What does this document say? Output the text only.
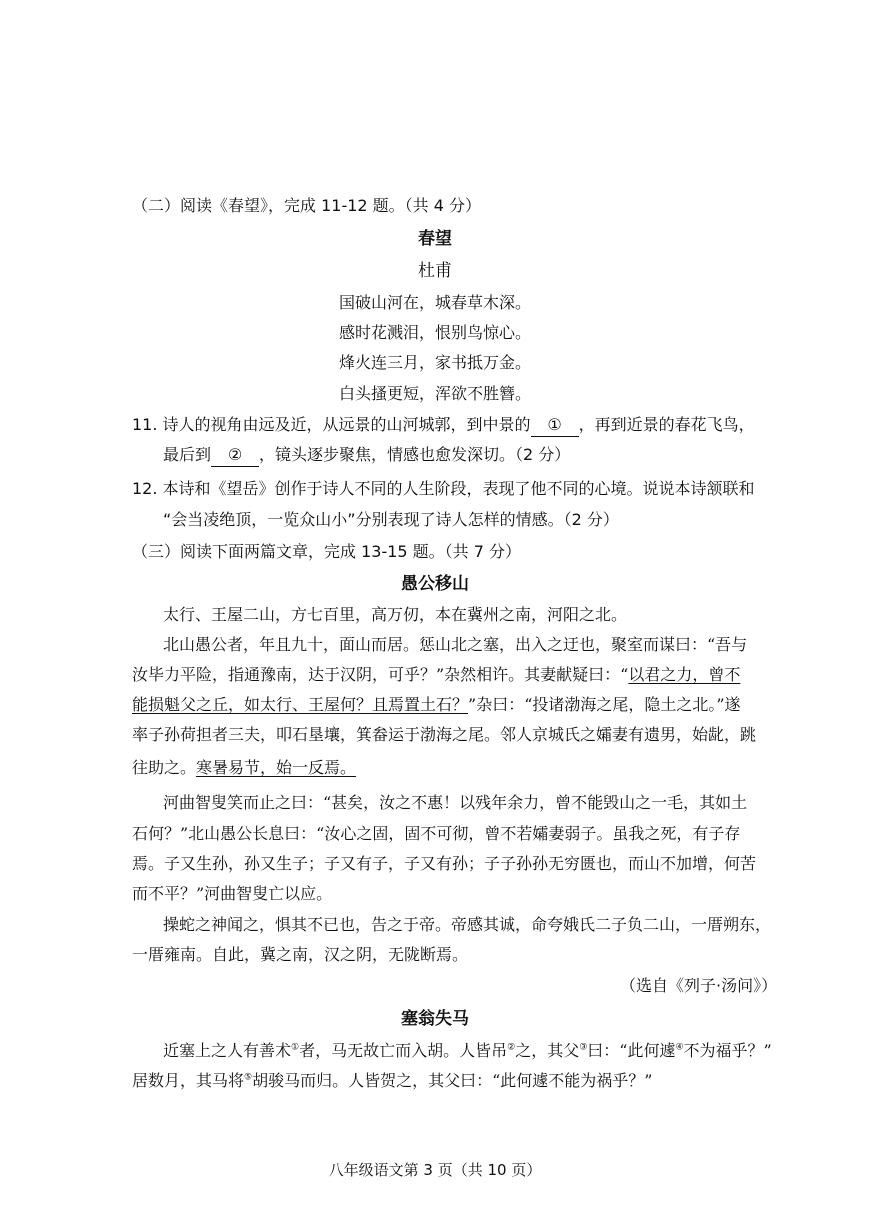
（二）阅读《春望》，完成 11-12 题。（共 4 分）
春望
杜甫
国破山河在，城春草木深。
感时花溅泪，恨别鸟惊心。
烽火连三月，家书抵万金。
白头搔更短，浑欲不胜簪。
11. 诗人的视角由远及近，从远景的山河城郭，到中景的 ① ，再到近景的春花飞鸟，
最后到 ② ，镜头逐步聚焦，情感也愈发深切。（2 分）
12. 本诗和《望岳》创作于诗人不同的人生阶段，表现了他不同的心境。说说本诗颔联和
“会当凌绝顶，一览众山小”分别表现了诗人怎样的情感。（2 分）
（三）阅读下面两篇文章，完成 13-15 题。（共 7 分）
愚公移山
太行、王屋二山，方七百里，高万仞，本在冀州之南，河阳之北。
北山愚公者，年且九十，面山而居。惩山北之塞，出入之迂也，聚室而谋曰：“吾与
汝毕力平险，指通豫南，达于汉阴，可乎？”杂然相许。其妻献疑曰：“以君之力，曾不
能损魁父之丘，如太行、王屋何？且焉置土石？”杂曰：“投诸渤海之尾，隐土之北。”遂
率子孙荷担者三夫，叩石垦壤，箕畚运于渤海之尾。邻人京城氏之孀妻有遗男，始龀，跳
往助之。寒暑易节，始一反焉。
河曲智叟笑而止之曰：“甚矣，汝之不惠！以残年余力，曾不能毁山之一毛，其如土
石何？”北山愚公长息曰：“汝心之固，固不可彻，曾不若孀妻弱子。虽我之死，有子存
焉。子又生孙，孙又生子；子又有子，子又有孙；子子孙孙无穷匮也，而山不加增，何苦
而不平？”河曲智叟亡以应。
操蛇之神闻之，惧其不已也，告之于帝。帝感其诚，命夸娥氏二子负二山，一厝朔东，
一厝雍南。自此，冀之南，汉之阴，无陇断焉。
（选自《列子·汤问》）
塞翁失马
近塞上之人有善术①者，马无故亡而入胡。人皆吊②之，其父③曰：“此何遽④不为福乎？”
居数月，其马将⑤胡骏马而归。人皆贺之，其父曰：“此何遽不能为祸乎？”
八年级语文第 3 页（共 10 页）
